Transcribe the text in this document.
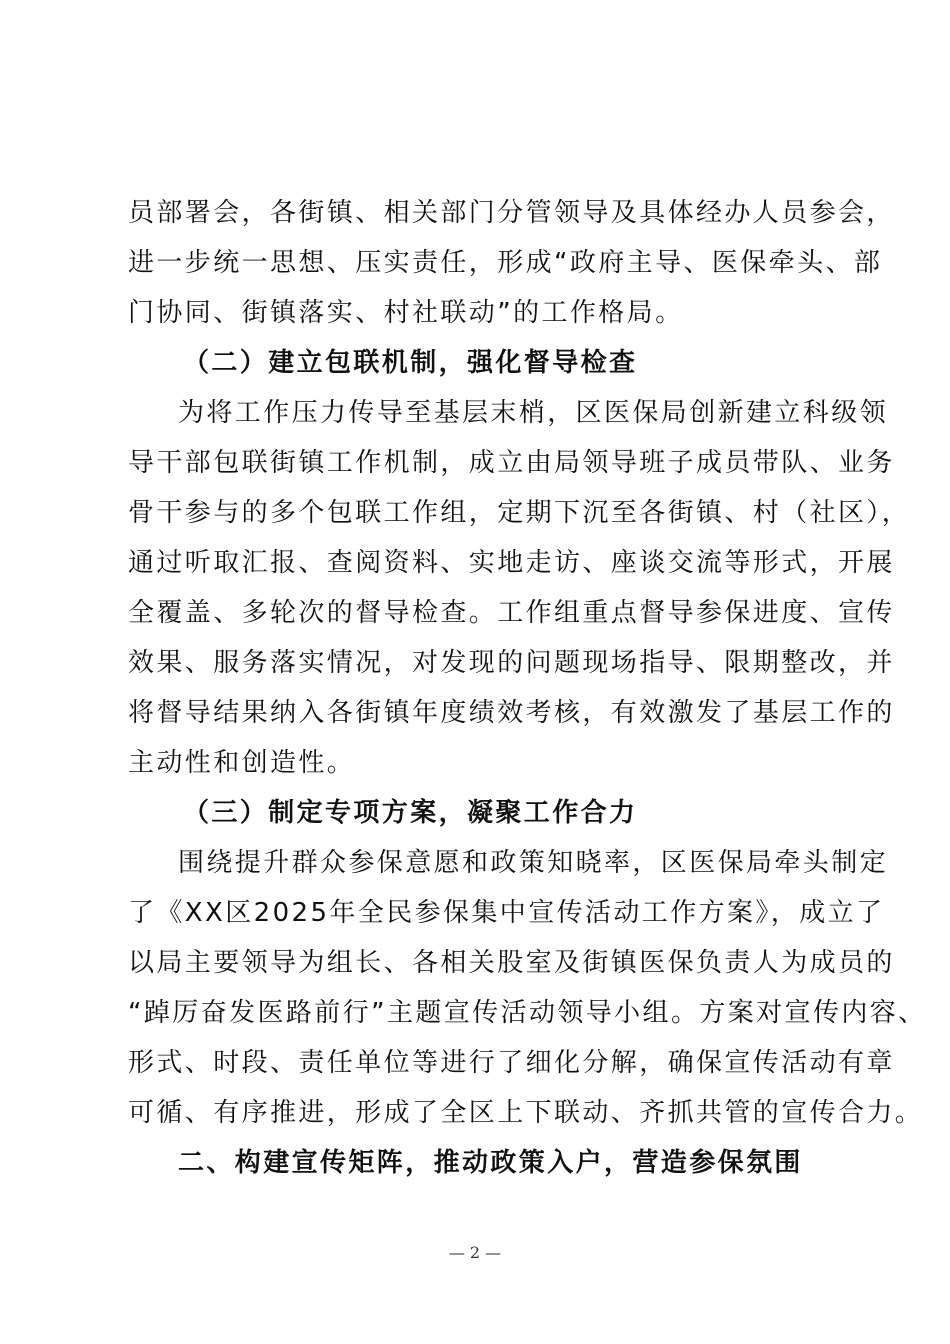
员部署会，各街镇、相关部门分管领导及具体经办人员参会，
进一步统一思想、压实责任，形成“政府主导、医保牵头、部
门协同、街镇落实、村社联动”的工作格局。
（二）建立包联机制，强化督导检查
为将工作压力传导至基层末梢，区医保局创新建立科级领
导干部包联街镇工作机制，成立由局领导班子成员带队、业务
骨干参与的多个包联工作组，定期下沉至各街镇、村（社区），
通过听取汇报、查阅资料、实地走访、座谈交流等形式，开展
全覆盖、多轮次的督导检查。工作组重点督导参保进度、宣传
效果、服务落实情况，对发现的问题现场指导、限期整改，并
将督导结果纳入各街镇年度绩效考核，有效激发了基层工作的
主动性和创造性。
（三）制定专项方案，凝聚工作合力
围绕提升群众参保意愿和政策知晓率，区医保局牵头制定
了《XX区2025年全民参保集中宣传活动工作方案》，成立了
以局主要领导为组长、各相关股室及街镇医保负责人为成员的
“踔厉奋发医路前行”主题宣传活动领导小组。方案对宣传内容、
形式、时段、责任单位等进行了细化分解，确保宣传活动有章
可循、有序推进，形成了全区上下联动、齐抓共管的宣传合力。
二、构建宣传矩阵，推动政策入户，营造参保氛围
— 2 —
